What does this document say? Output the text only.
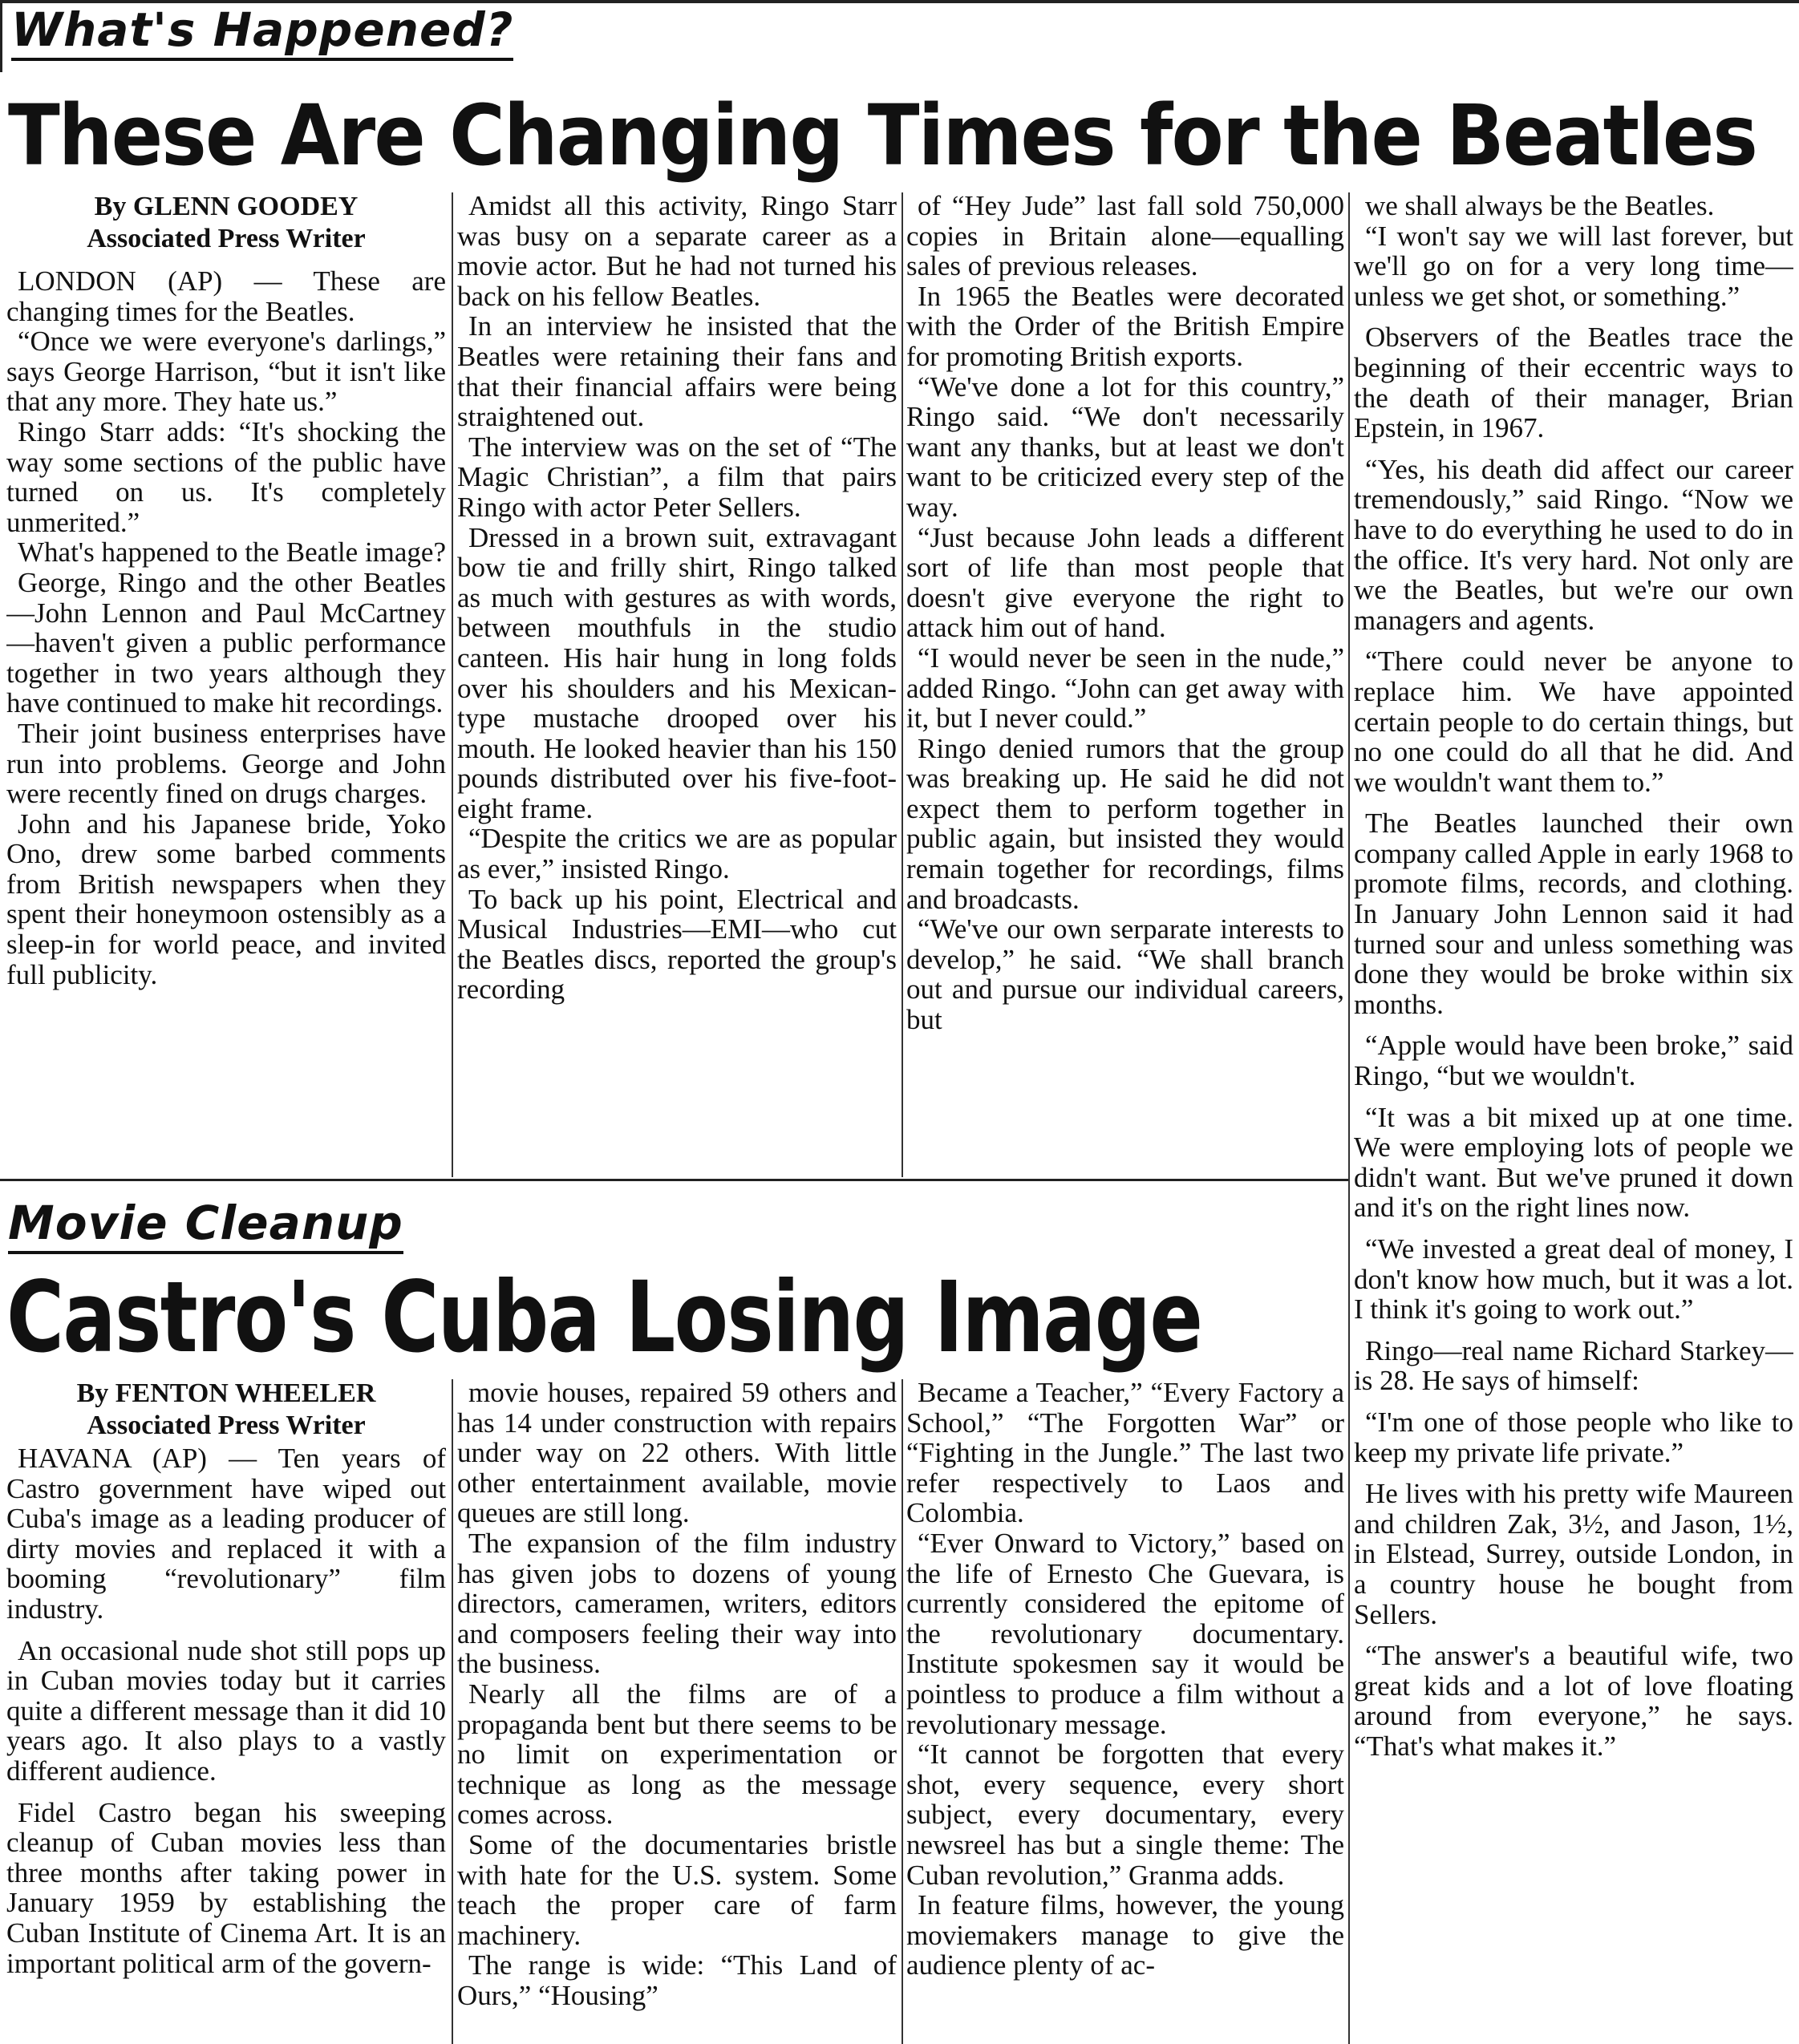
What's Happened?
These Are Changing Times for the Beatles
By GLENN GOODEY
Associated Press Writer

LONDON (AP) — These are changing times for the Beatles.

“Once we were everyone's darlings,” says George Harrison, “but it isn't like that any more. They hate us.”

Ringo Starr adds: “It's shocking the way some sections of the public have turned on us. It's completely unmerited.”

What's happened to the Beatle image?

George, Ringo and the other Beatles—John Lennon and Paul McCartney—haven't given a public performance together in two years although they have continued to make hit recordings.

Their joint business enterprises have run into problems. George and John were recently fined on drugs charges.

John and his Japanese bride, Yoko Ono, drew some barbed comments from British newspapers when they spent their honeymoon ostensibly as a sleep-in for world peace, and invited full publicity.

Amidst all this activity, Ringo Starr was busy on a separate career as a movie actor. But he had not turned his back on his fellow Beatles.

In an interview he insisted that the Beatles were retaining their fans and that their financial affairs were being straightened out.

The interview was on the set of “The Magic Christian”, a film that pairs Ringo with actor Peter Sellers.

Dressed in a brown suit, extravagant bow tie and frilly shirt, Ringo talked as much with gestures as with words, between mouthfuls in the studio canteen. His hair hung in long folds over his shoulders and his Mexican-type mustache drooped over his mouth. He looked heavier than his 150 pounds distributed over his five-foot-eight frame.

“Despite the critics we are as popular as ever,” insisted Ringo.

To back up his point, Electrical and Musical Industries—EMI—who cut the Beatles discs, reported the group's recording

of “Hey Jude” last fall sold 750,000 copies in Britain alone—equalling sales of previous releases.

In 1965 the Beatles were decorated with the Order of the British Empire for promoting British exports.

“We've done a lot for this country,” Ringo said. “We don't necessarily want any thanks, but at least we don't want to be criticized every step of the way.

“Just because John leads a different sort of life than most people that doesn't give everyone the right to attack him out of hand.

“I would never be seen in the nude,” added Ringo. “John can get away with it, but I never could.”

Ringo denied rumors that the group was breaking up. He said he did not expect them to perform together in public again, but insisted they would remain together for recordings, films and broadcasts.

“We've our own serparate interests to develop,” he said. “We shall branch out and pursue our individual careers, but

we shall always be the Beatles.

“I won't say we will last forever, but we'll go on for a very long time—unless we get shot, or something.”

Observers of the Beatles trace the beginning of their eccentric ways to the death of their manager, Brian Epstein, in 1967.

“Yes, his death did affect our career tremendously,” said Ringo. “Now we have to do everything he used to do in the office. It's very hard. Not only are we the Beatles, but we're our own managers and agents.

“There could never be anyone to replace him. We have appointed certain people to do certain things, but no one could do all that he did. And we wouldn't want them to.”

The Beatles launched their own company called Apple in early 1968 to promote films, records, and clothing. In January John Lennon said it had turned sour and unless something was done they would be broke within six months.

“Apple would have been broke,” said Ringo, “but we wouldn't.

“It was a bit mixed up at one time. We were employing lots of people we didn't want. But we've pruned it down and it's on the right lines now.

“We invested a great deal of money, I don't know how much, but it was a lot. I think it's going to work out.”

Ringo—real name Richard Starkey—is 28. He says of himself:

“I'm one of those people who like to keep my private life private.”

He lives with his pretty wife Maureen and children Zak, 3½, and Jason, 1½, in Elstead, Surrey, outside London, in a country house he bought from Sellers.

“The answer's a beautiful wife, two great kids and a lot of love floating around from everyone,” he says. “That's what makes it.”

Movie Cleanup
Castro's Cuba Losing Image
By FENTON WHEELER
Associated Press Writer

HAVANA (AP) — Ten years of Castro government have wiped out Cuba's image as a leading producer of dirty movies and replaced it with a booming “revolutionary” film industry.

An occasional nude shot still pops up in Cuban movies today but it carries quite a different message than it did 10 years ago. It also plays to a vastly different audience.

Fidel Castro began his sweeping cleanup of Cuban movies less than three months after taking power in January 1959 by establishing the Cuban Institute of Cinema Art. It is an important political arm of the govern-

movie houses, repaired 59 others and has 14 under construction with repairs under way on 22 others. With little other entertainment available, movie queues are still long.

The expansion of the film industry has given jobs to dozens of young directors, cameramen, writers, editors and composers feeling their way into the business.

Nearly all the films are of a propaganda bent but there seems to be no limit on experimentation or technique as long as the message comes across.

Some of the documentaries bristle with hate for the U.S. system. Some teach the proper care of farm machinery.

The range is wide: “This Land of Ours,” “Housing”

Became a Teacher,” “Every Factory a School,” “The Forgotten War” or “Fighting in the Jungle.” The last two refer respectively to Laos and Colombia.

“Ever Onward to Victory,” based on the life of Ernesto Che Guevara, is currently considered the epitome of the revolutionary documentary. Institute spokesmen say it would be pointless to produce a film without a revolutionary message.

“It cannot be forgotten that every shot, every sequence, every short subject, every documentary, every newsreel has but a single theme: The Cuban revolution,” Granma adds.

In feature films, however, the young moviemakers manage to give the audience plenty of ac-
